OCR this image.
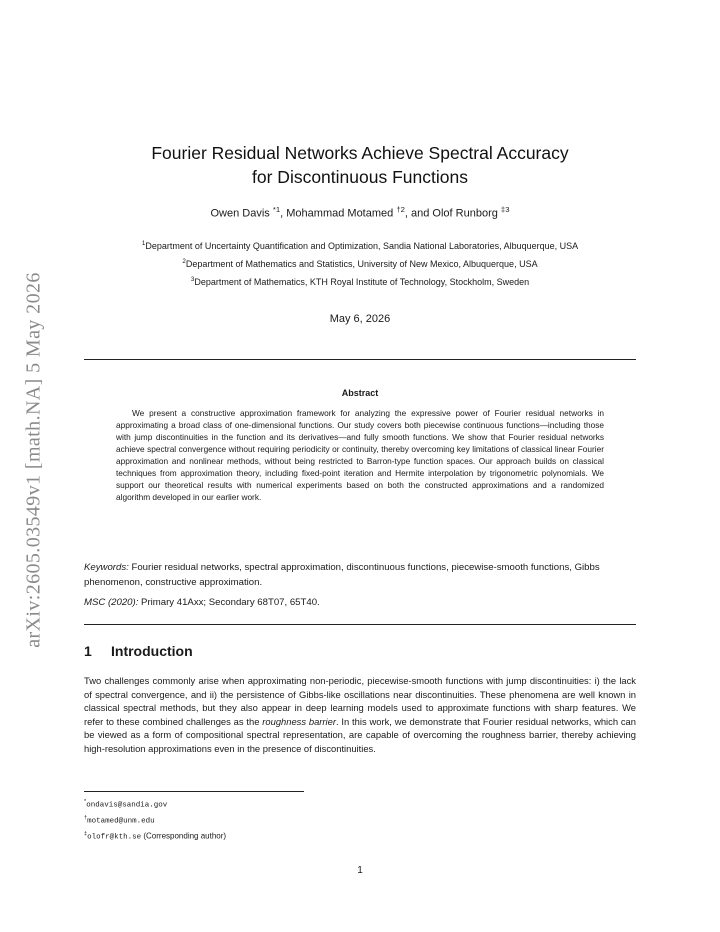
arXiv:2605.03549v1 [math.NA] 5 May 2026
Fourier Residual Networks Achieve Spectral Accuracy
for Discontinuous Functions
Owen Davis $^{*1}$, Mohammad Motamed $^{\dagger 2}$, and Olof Runborg $^{\ddagger 3}$
$^1$Department of Uncertainty Quantification and Optimization, Sandia National Laboratories, Albuquerque, USA
$^2$Department of Mathematics and Statistics, University of New Mexico, Albuquerque, USA
$^3$Department of Mathematics, KTH Royal Institute of Technology, Stockholm, Sweden
May 6, 2026
Abstract
We present a constructive approximation framework for analyzing the expressive power of Fourier residual networks in approximating a broad class of one-dimensional functions. Our study covers both piecewise continuous functions—including those with jump discontinuities in the function and its derivatives—and fully smooth functions. We show that Fourier residual networks achieve spectral convergence without requiring periodicity or continuity, thereby overcoming key limitations of classical linear Fourier approximation and nonlinear methods, without being restricted to Barron-type function spaces. Our approach builds on classical techniques from approximation theory, including fixed-point iteration and Hermite interpolation by trigonometric polynomials. We support our theoretical results with numerical experiments based on both the constructed approximations and a randomized algorithm developed in our earlier work.
Keywords: Fourier residual networks, spectral approximation, discontinuous functions, piecewise-smooth functions, Gibbs phenomenon, constructive approximation.
MSC (2020): Primary 41Axx; Secondary 68T07, 65T40.
1 Introduction
Two challenges commonly arise when approximating non-periodic, piecewise-smooth functions with jump discontinuities: i) the lack of spectral convergence, and ii) the persistence of Gibbs-like oscillations near discontinuities. These phenomena are well known in classical spectral methods, but they also appear in deep learning models used to approximate functions with sharp features. We refer to these combined challenges as the roughness barrier. In this work, we demonstrate that Fourier residual networks, which can be viewed as a form of compositional spectral representation, are capable of overcoming the roughness barrier, thereby achieving high-resolution approximations even in the presence of discontinuities.
*ondavis@sandia.gov
†motamed@unm.edu
‡olofr@kth.se (Corresponding author)
1
